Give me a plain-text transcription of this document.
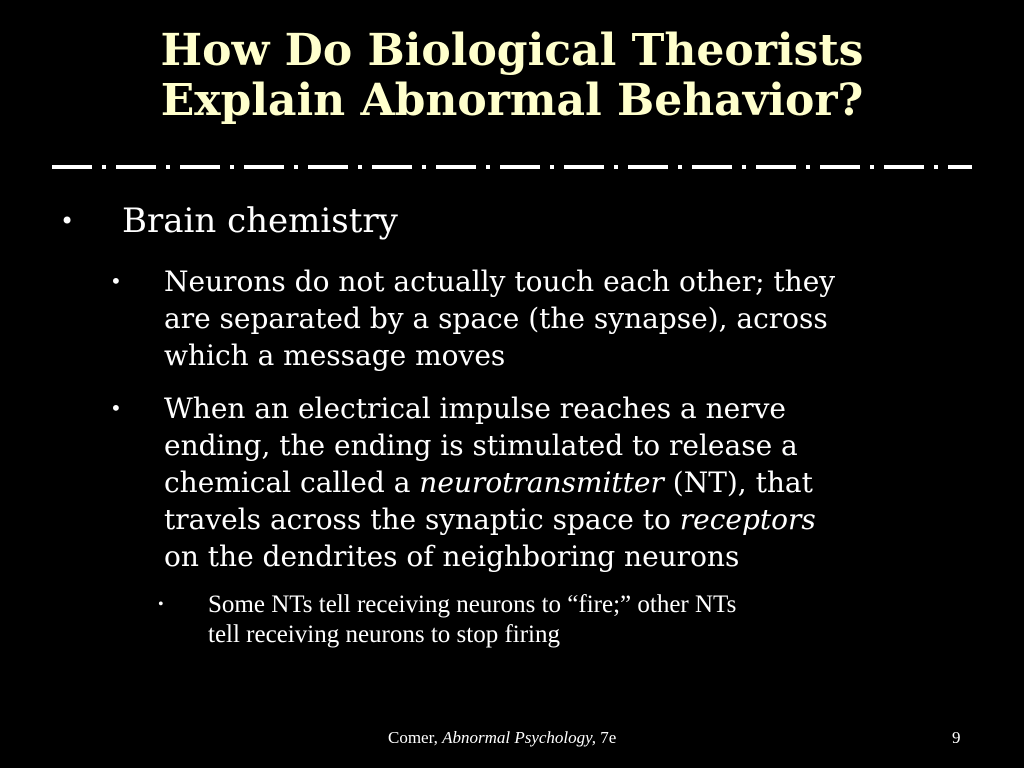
How Do Biological Theorists
Explain Abnormal Behavior?
• Brain chemistry
• Neurons do not actually touch each other; they
are separated by a space (the synapse), across
which a message moves
• When an electrical impulse reaches a nerve
ending, the ending is stimulated to release a
chemical called a neurotransmitter (NT), that
travels across the synaptic space to receptors
on the dendrites of neighboring neurons
• Some NTs tell receiving neurons to “fire;” other NTs
tell receiving neurons to stop firing
Comer, Abnormal Psychology, 7e	9
